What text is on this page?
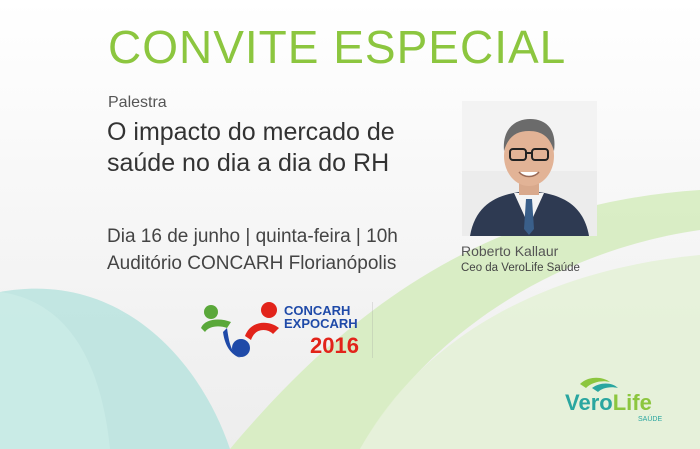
CONVITE ESPECIAL
Palestra
O impacto do mercado de
saúde no dia a dia do RH
Dia 16 de junho | quinta-feira | 10h
Auditório CONCARH Florianópolis
Roberto Kallaur
Ceo da VeroLife Saúde
CONCARH
EXPOCARH
2016
VeroLife
SAÚDE
